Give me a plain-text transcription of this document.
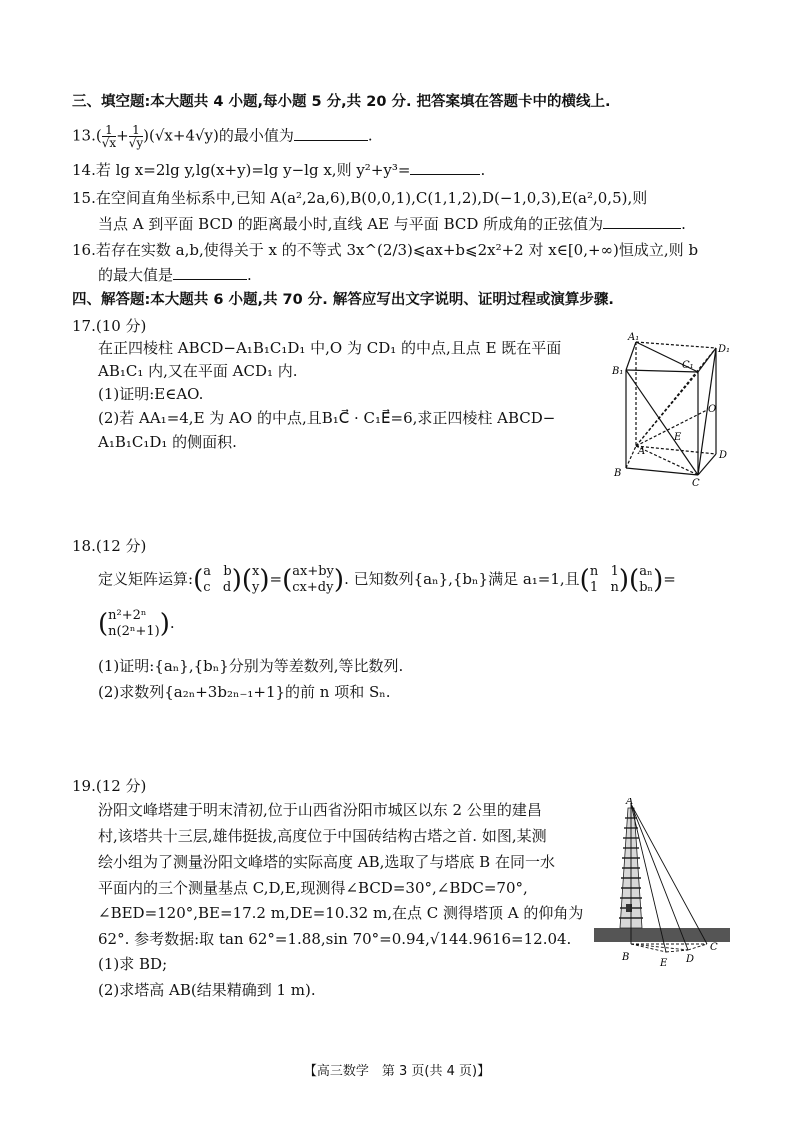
三、填空题:本大题共 4 小题,每小题 5 分,共 20 分. 把答案填在答题卡中的横线上.
$13.( \frac{1}{√x} + \frac{1}{√y} )(√x+4√y)$的最小值为	.
14.若 lg x=2lg y,lg(x+y)=lg y−lg x,则 y²+y³=	.
15.在空间直角坐标系中,已知 A(a²,2a,6),B(0,0,1),C(1,1,2),D(−1,0,3),E(a²,0,5),则
当点 A 到平面 BCD 的距离最小时,直线 AE 与平面 BCD 所成角的正弦值为	.
16.若存在实数 a,b,使得关于 x 的不等式 3x^(2/3)⩽ax+b⩽2x²+2 对 x∈[0,+∞)恒成立,则 b
的最大值是	.
四、解答题:本大题共 6 小题,共 70 分. 解答应写出文字说明、证明过程或演算步骤.
17.(10 分)
在正四棱柱 ABCD−A₁B₁C₁D₁ 中,O 为 CD₁ 的中点,且点 E 既在平面
AB₁C₁ 内,又在平面 ACD₁ 内.
(1)证明:E∈AO.
(2)若 AA₁=4,E 为 AO 的中点,且B₁C⃗ · C₁E⃗=6,求正四棱柱 ABCD−
A₁B₁C₁D₁ 的侧面积.
A₁
B₁
C₁
D₁
A
B
C
D
O
E
18.(12 分)
定义矩阵运算:( a   b
c   d )( x
y )=( ax+by
cx+dy ). 已知数列{aₙ},{bₙ}满足 a₁=1,且( n   1
1   n )( aₙ
bₙ )=
( n²+2ⁿ
n(2ⁿ+1) ).
(1)证明:{aₙ},{bₙ}分别为等差数列,等比数列.
(2)求数列{a₂ₙ+3b₂ₙ₋₁+1}的前 n 项和 Sₙ.
19.(12 分)
汾阳文峰塔建于明末清初,位于山西省汾阳市城区以东 2 公里的建昌
村,该塔共十三层,雄伟挺拔,高度位于中国砖结构古塔之首. 如图,某测
绘小组为了测量汾阳文峰塔的实际高度 AB,选取了与塔底 B 在同一水
平面内的三个测量基点 C,D,E,现测得∠BCD=30°,∠BDC=70°,
∠BED=120°,BE=17.2 m,DE=10.32 m,在点 C 测得塔顶 A 的仰角为
62°. 参考数据:取 tan 62°=1.88,sin 70°=0.94,√144.9616=12.04.
(1)求 BD;
(2)求塔高 AB(结果精确到 1 m).
A
B
C
D
E
【高三数学　第 3 页(共 4 页)】
